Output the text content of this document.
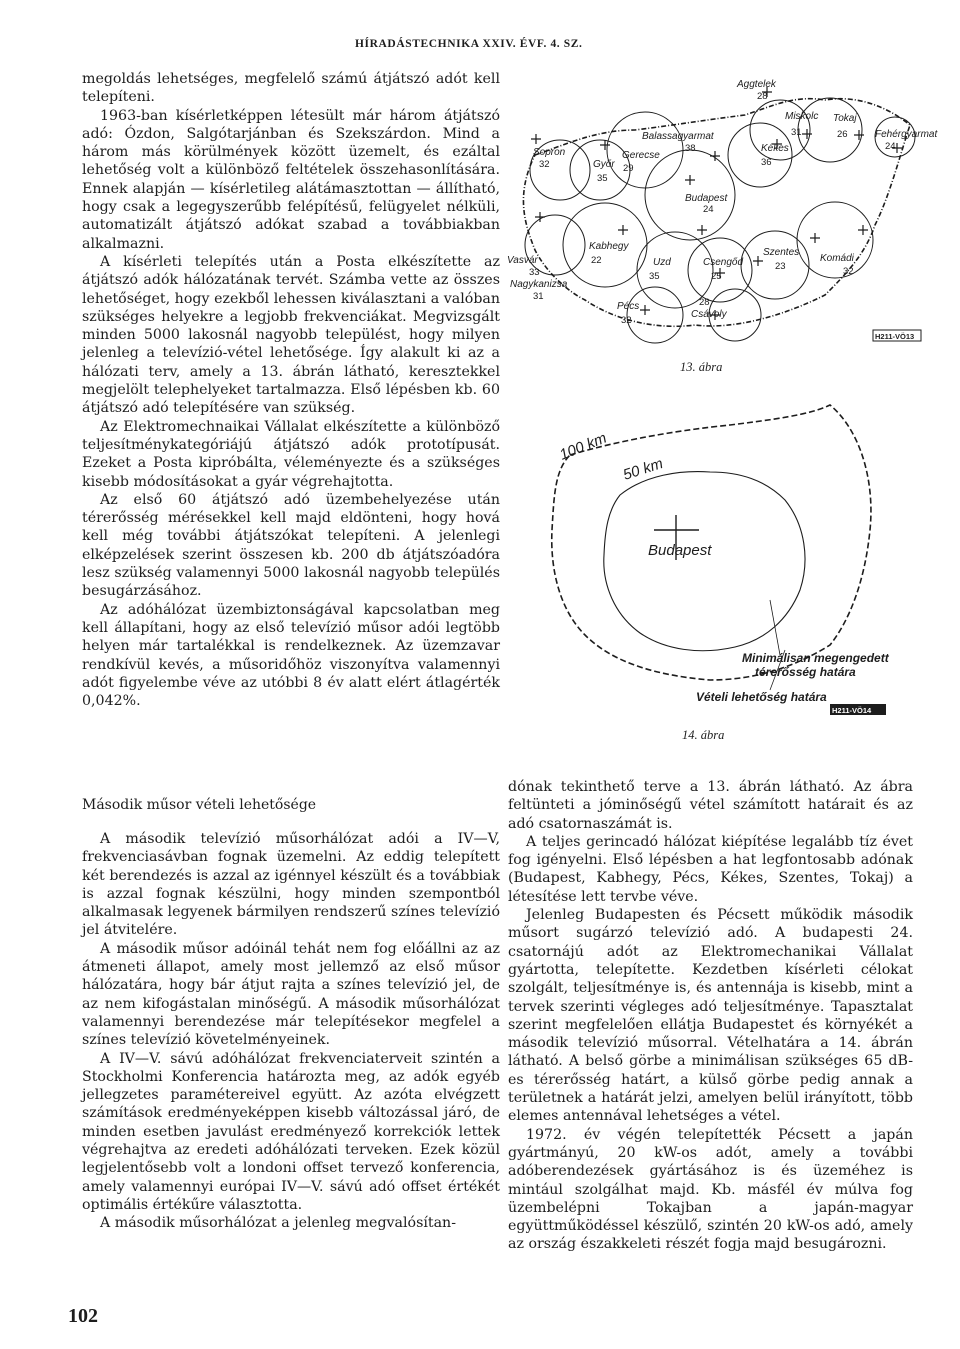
HÍRADÁSTECHNIKA XXIV. ÉVF. 4. SZ.

megoldás lehetséges, megfelelő számú átjátszó adót kell telepíteni.

1963-ban kísérletképpen létesült már három átjátszó adó: Ózdon, Salgótarjánban és Szekszárdon. Mind a három más körülmények között üzemelt, és ezáltal lehetőség volt a különböző feltételek összehasonlítására. Ennek alapján — kísérletileg alátámasztottan — állítható, hogy csak a legegyszerűbb felépítésű, felügyelet nélküli, automatizált átjátszó adókat szabad a továbbiakban alkalmazni.

A kísérleti telepítés után a Posta elkészítette az átjátszó adók hálózatának tervét. Számba vette az összes lehetőséget, hogy ezekből lehessen kiválasztani a valóban szükséges helyekre a legjobb frekvenciákat. Megvizsgált minden 5000 lakosnál nagyobb települést, hogy milyen jelenleg a televízió-vétel lehetősége. Így alakult ki az a hálózati terv, amely a 13. ábrán látható, keresztekkel megjelölt telephelyeket tartalmazza. Első lépésben kb. 60 átjátszó adó telepítésére van szükség.

Az Elektromechnaikai Vállalat elkészítette a különböző teljesítménykategóriájú átjátszó adók prototípusát. Ezeket a Posta kipróbálta, véleményezte és a szükséges kisebb módosításokat a gyár végrehajtotta.

Az első 60 átjátszó adó üzembehelyezése után térerősség mérésekkel kell majd eldönteni, hogy hová kell még további átjátszókat telepíteni. A jelenlegi elképzelések szerint összesen kb. 200 db átjátszóadóra lesz szükség valamennyi 5000 lakosnál nagyobb település besugárzásához.

Az adóhálózat üzembiztonságával kapcsolatban meg kell állapítani, hogy az első televízió műsor adói legtöbb helyen már tartalékkal is rendelkeznek. Az üzemzavar rendkívül kevés, a műsoridőhöz viszonyítva valamennyi adót figyelembe véve az utóbbi 8 év alatt elért átlagérték 0,042%.

Második műsor vételi lehetősége

A második televízió műsorhálózat adói a IV—V, frekvenciasávban fognak üzemelni. Az eddig telepített két berendezés is azzal az igénnyel készült és a továbbiak is azzal fognak készülni, hogy minden szempontból alkalmasak legyenek bármilyen rendszerű színes televízió jel átvitelére.

A második műsor adóinál tehát nem fog előállni az az átmeneti állapot, amely most jellemző az első műsor hálózatára, hogy bár átjut rajta a színes televízió jel, de az nem kifogástalan minőségű. A második műsorhálózat valamennyi berendezése már telepítésekor megfelel a színes televízió követelményeinek.

A IV—V. sávú adóhálózat frekvenciaterveit szintén a Stockholmi Konferencia határozta meg, az adók egyéb jellegzetes paramétereivel együtt. Az azóta elvégzett számítások eredményeképpen kisebb változással járó, de minden esetben javulást eredményező korrekciók lettek végrehajtva az eredeti adóhálózati terveken. Ezek közül legjelentősebb volt a londoni offset tervező konferencia, amely valamennyi európai IV—V. sávú adó offset értékét optimális értékűre választotta.

A második műsorhálózat a jelenleg megvalósítan-

dónak tekinthető terve a 13. ábrán látható. Az ábra feltünteti a jóminőségű vétel számított határait és az adó csatornaszámát is.

A teljes gerincadó hálózat kiépítése legalább tíz évet fog igényelni. Első lépésben a hat legfontosabb adónak (Budapest, Kabhegy, Pécs, Kékes, Szentes, Tokaj) a létesítése lett tervbe véve.

Jelenleg Budapesten és Pécsett működik második műsort sugárzó televízió adó. A budapesti 24. csatornájú adót az Elektromechanikai Vállalat gyártotta, telepítette. Kezdetben kísérleti célokat szolgált, teljesítménye is, és antennája is kisebb, mint a tervek szerinti végleges adó teljesítménye. Tapasztalat szerint megfelelően ellátja Budapestet és környékét a második televízió műsorral. Vételhatára a 14. ábrán látható. A belső görbe a minimálisan szükséges 65 dB-es térerősség határt, a külső görbe pedig annak a területnek a határát jelzi, amelyen belül irányított, több elemes antennával lehetséges a vétel.

1972. év végén telepítették Pécsett a japán gyártmányú, 20 kW-os adót, amely a további adóberendezések gyártásához is és üzeméhez is mintául szolgálhat majd. Kb. másfél év múlva fog üzembelépni Tokajban a japán-magyar együttműködéssel készülő, szintén 20 kW-os adó, amely az ország északkeleti részét fogja majd besugározni.

Aggtelek
28
Miskolc
31
Tokaj
26	Fehérgyarmat
24
Balassagyarmat
38
Sopron
32
Gerecse
Győr 29
35
Kékes
36
Budapest
24
Kabhegy
22
Vasvár
33
Komádi
32
Nagykanizsa
31
Uzd
35
Csengőd
25
Szentes
23
Pécs
32
28
Csávoly
H211-VÖ13
13. ábra
100 km
50 km
Budapest
Minimálisan megengedett
térerősség határa
Vételi lehetőség határa
H211-VÖ14
14. ábra
102
